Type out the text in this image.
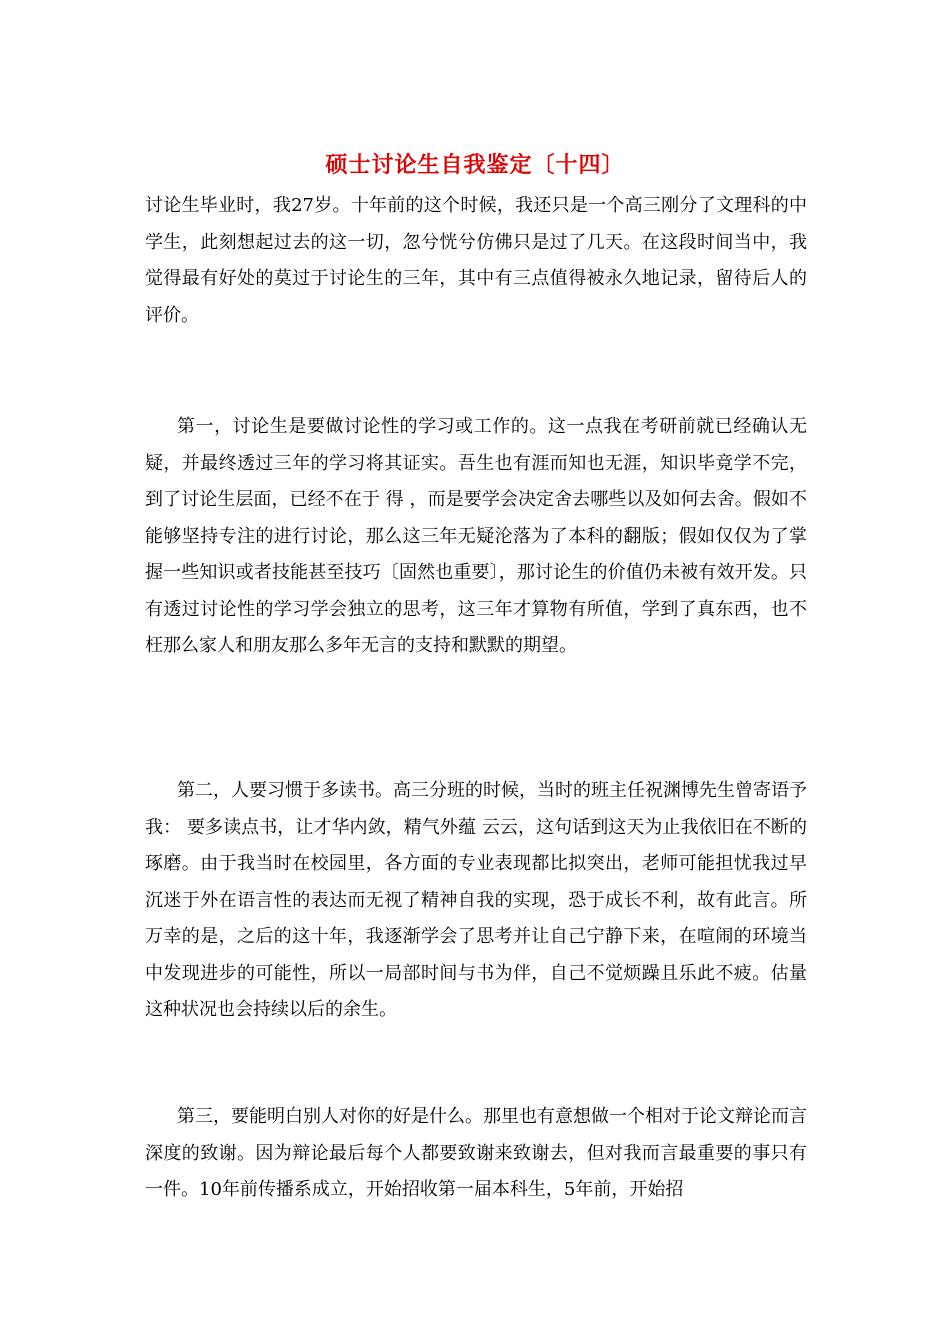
硕士讨论生自我鉴定〔十四〕

讨论生毕业时，我27岁。十年前的这个时候，我还只是一个高三刚分了文理科的中学生，此刻想起过去的这一切，忽兮恍兮仿佛只是过了几天。在这段时间当中，我觉得最有好处的莫过于讨论生的三年，其中有三点值得被永久地记录，留待后人的评价。

第一，讨论生是要做讨论性的学习或工作的。这一点我在考研前就已经确认无疑，并最终透过三年的学习将其证实。吾生也有涯而知也无涯，知识毕竟学不完，到了讨论生层面，已经不在于 得 ，而是要学会决定舍去哪些以及如何去舍。假如不能够坚持专注的进行讨论，那么这三年无疑沦落为了本科的翻版；假如仅仅为了掌握一些知识或者技能甚至技巧〔固然也重要〕，那讨论生的价值仍未被有效开发。只有透过讨论性的学习学会独立的思考，这三年才算物有所值，学到了真东西，也不枉那么家人和朋友那么多年无言的支持和默默的期望。

第二，人要习惯于多读书。高三分班的时候，当时的班主任祝渊博先生曾寄语予我： 要多读点书，让才华内敛，精气外蕴 云云，这句话到这天为止我依旧在不断的琢磨。由于我当时在校园里，各方面的专业表现都比拟突出，老师可能担忧我过早沉迷于外在语言性的表达而无视了精神自我的实现，恐于成长不利，故有此言。所万幸的是，之后的这十年，我逐渐学会了思考并让自己宁静下来，在喧闹的环境当中发现进步的可能性，所以一局部时间与书为伴，自己不觉烦躁且乐此不疲。估量这种状况也会持续以后的余生。

第三，要能明白别人对你的好是什么。那里也有意想做一个相对于论文辩论而言深度的致谢。因为辩论最后每个人都要致谢来致谢去，但对我而言最重要的事只有一件。10年前传播系成立，开始招收第一届本科生，5年前，开始招
